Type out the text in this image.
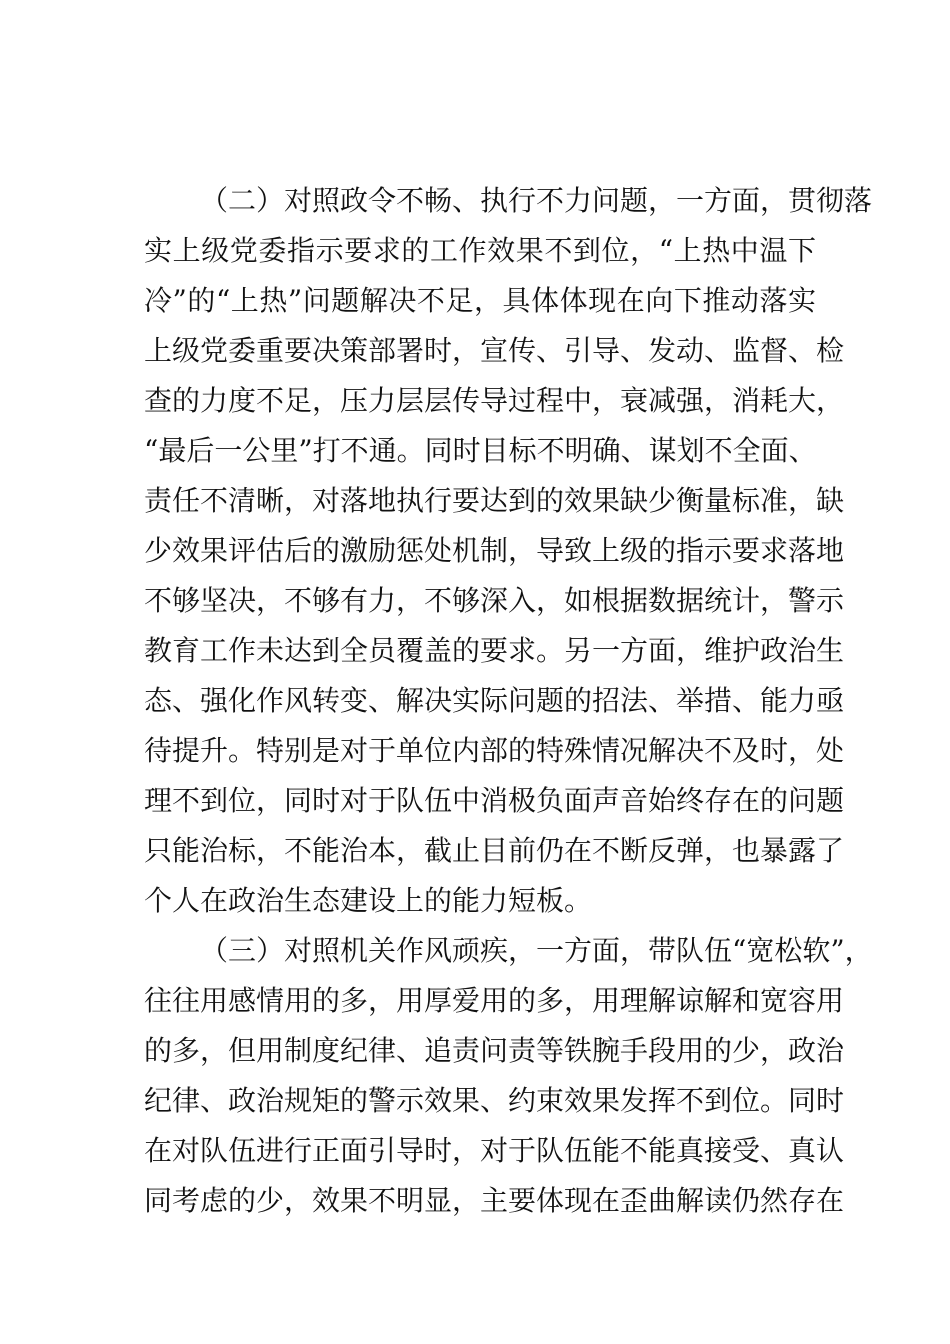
（二）对照政令不畅、执行不力问题，一方面，贯彻落
实上级党委指示要求的工作效果不到位，“上热中温下
冷”的“上热”问题解决不足，具体体现在向下推动落实
上级党委重要决策部署时，宣传、引导、发动、监督、检
查的力度不足，压力层层传导过程中，衰减强，消耗大，
“最后一公里”打不通。同时目标不明确、谋划不全面、
责任不清晰，对落地执行要达到的效果缺少衡量标准，缺
少效果评估后的激励惩处机制，导致上级的指示要求落地
不够坚决，不够有力，不够深入，如根据数据统计，警示
教育工作未达到全员覆盖的要求。另一方面，维护政治生
态、强化作风转变、解决实际问题的招法、举措、能力亟
待提升。特别是对于单位内部的特殊情况解决不及时，处
理不到位，同时对于队伍中消极负面声音始终存在的问题
只能治标，不能治本，截止目前仍在不断反弹，也暴露了
个人在政治生态建设上的能力短板。
（三）对照机关作风顽疾，一方面，带队伍“宽松软”，
往往用感情用的多，用厚爱用的多，用理解谅解和宽容用
的多，但用制度纪律、追责问责等铁腕手段用的少，政治
纪律、政治规矩的警示效果、约束效果发挥不到位。同时
在对队伍进行正面引导时，对于队伍能不能真接受、真认
同考虑的少，效果不明显，主要体现在歪曲解读仍然存在
